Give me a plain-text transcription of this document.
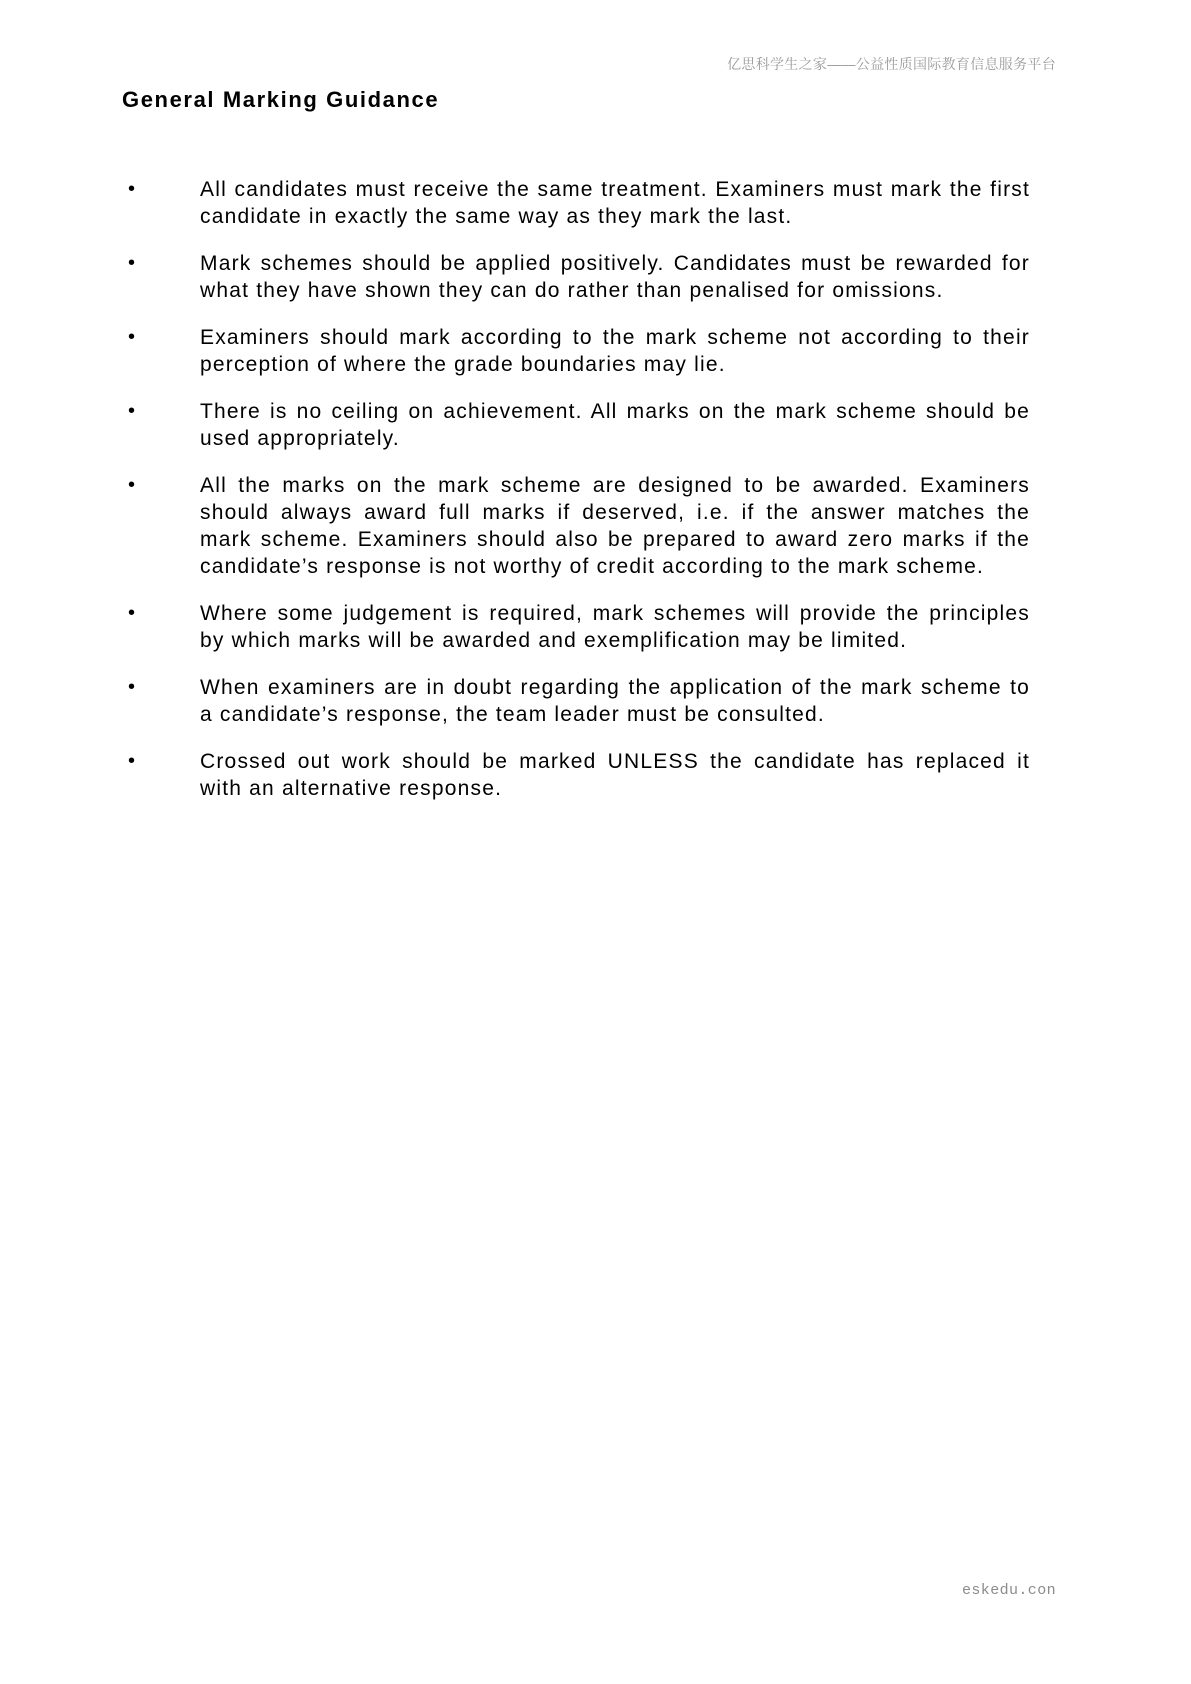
亿思科学生之家——公益性质国际教育信息服务平台
General Marking Guidance
•	All candidates must receive the same treatment. Examiners must mark the first candidate in exactly the same way as they mark the last.

•	Mark schemes should be applied positively. Candidates must be rewarded for what they have shown they can do rather than penalised for omissions.

•	Examiners should mark according to the mark scheme not according to their perception of where the grade boundaries may lie.

•	There is no ceiling on achievement. All marks on the mark scheme should be used appropriately.

•	All the marks on the mark scheme are designed to be awarded. Examiners should always award full marks if deserved, i.e. if the answer matches the mark scheme. Examiners should also be prepared to award zero marks if the candidate’s response is not worthy of credit according to the mark scheme.

•	Where some judgement is required, mark schemes will provide the principles by which marks will be awarded and exemplification may be limited.

•	When examiners are in doubt regarding the application of the mark scheme to a candidate’s response, the team leader must be consulted.

•	Crossed out work should be marked UNLESS the candidate has replaced it with an alternative response.

eskedu.con
